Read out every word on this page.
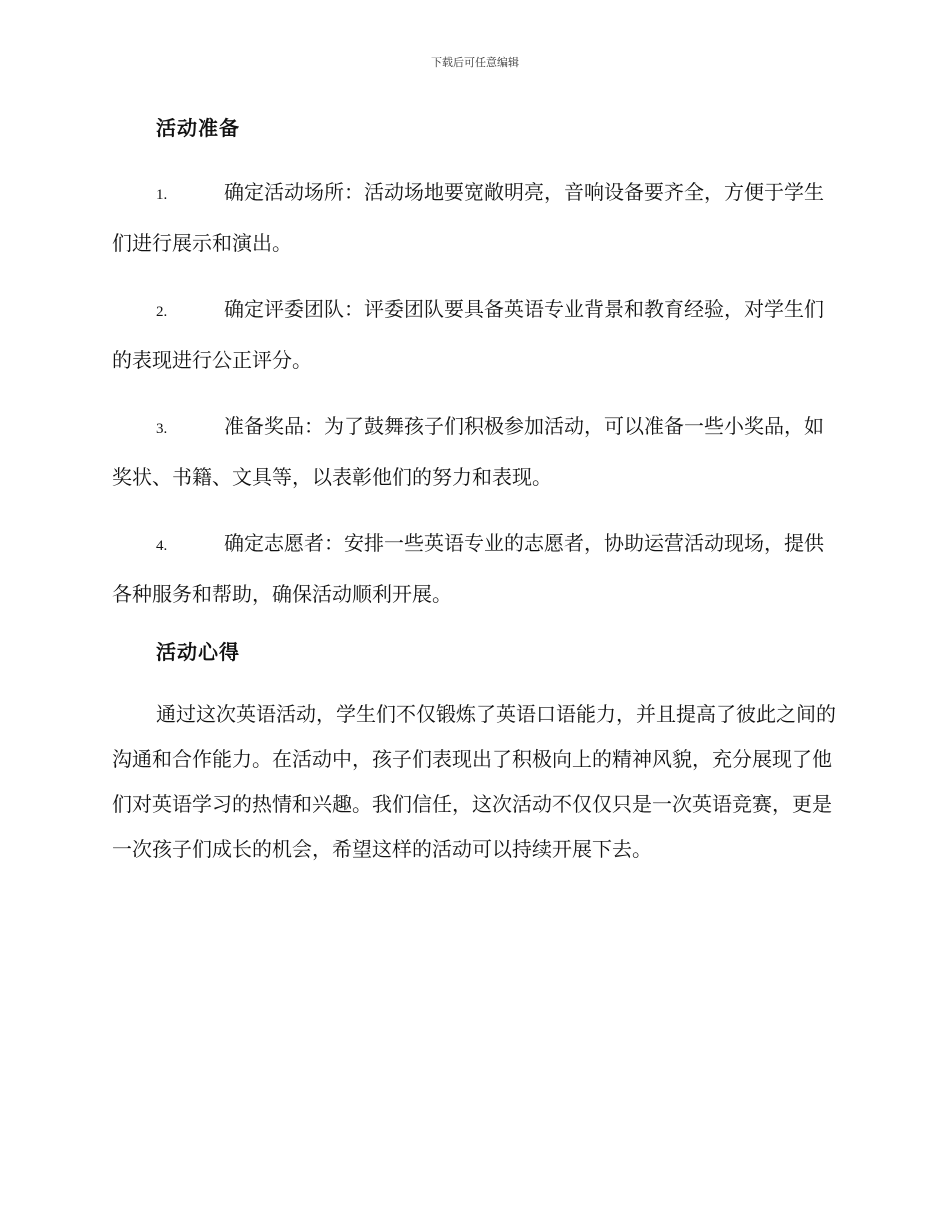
下载后可任意编辑
活动准备
1.	确定活动场所：活动场地要宽敞明亮，音响设备要齐全，方便于学生们进行展示和演出。
2.	确定评委团队：评委团队要具备英语专业背景和教育经验，对学生们的表现进行公正评分。
3.	准备奖品：为了鼓舞孩子们积极参加活动，可以准备一些小奖品，如奖状、书籍、文具等，以表彰他们的努力和表现。
4.	确定志愿者：安排一些英语专业的志愿者，协助运营活动现场，提供各种服务和帮助，确保活动顺利开展。
活动心得

通过这次英语活动，学生们不仅锻炼了英语口语能力，并且提高了彼此之间的沟通和合作能力。在活动中，孩子们表现出了积极向上的精神风貌，充分展现了他们对英语学习的热情和兴趣。我们信任，这次活动不仅仅只是一次英语竞赛，更是一次孩子们成长的机会，希望这样的活动可以持续开展下去。
